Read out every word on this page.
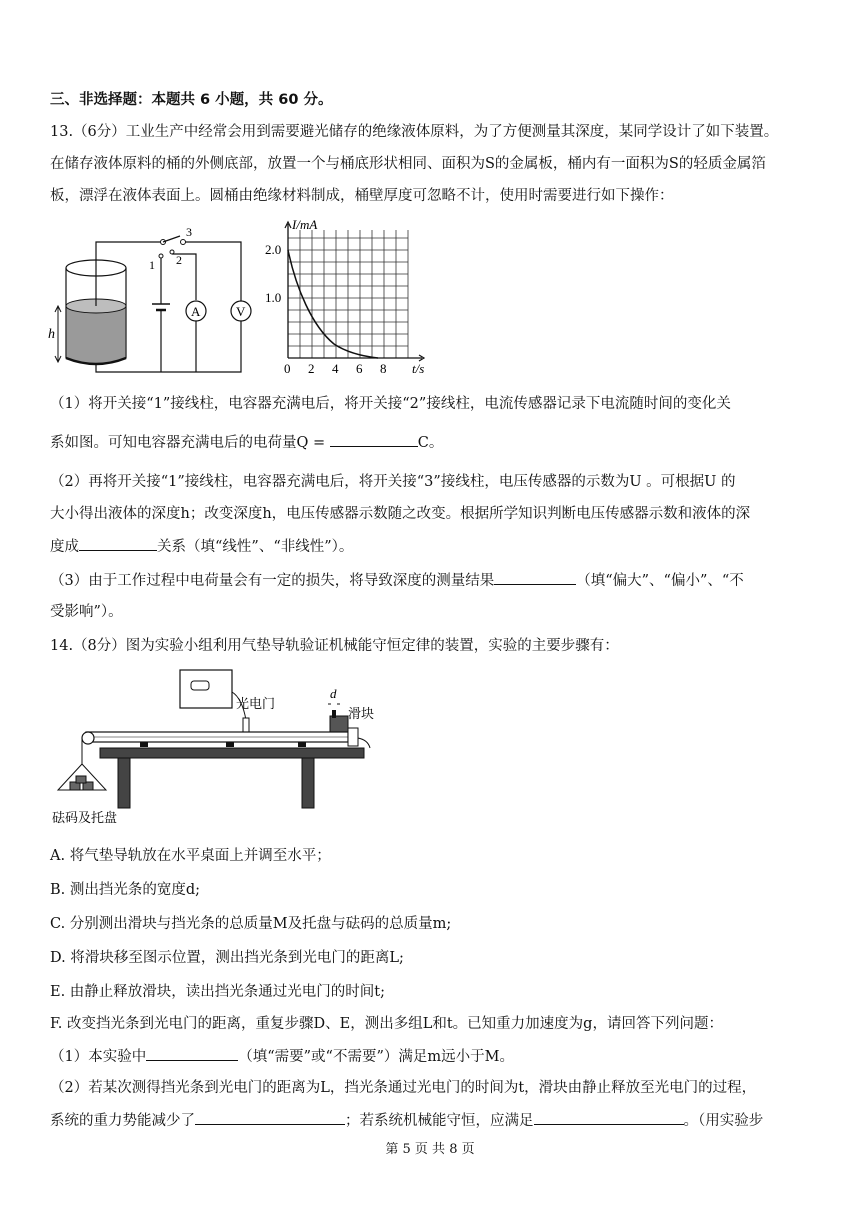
三、非选择题：本题共 6 小题，共 60 分。
13.（6分）工业生产中经常会用到需要避光储存的绝缘液体原料，为了方便测量其深度，某同学设计了如下装置。
在储存液体原料的桶的外侧底部，放置一个与桶底形状相同、面积为S的金属板，桶内有一面积为S的轻质金属箔
板，漂浮在液体表面上。圆桶由绝缘材料制成，桶壁厚度可忽略不计，使用时需要进行如下操作：
h
3
1 2
A	V
I/mA
t/s
2.0
1.0
0 2 4 6 8
（1）将开关接“1”接线柱，电容器充满电后，将开关接“2”接线柱，电流传感器记录下电流随时间的变化关
系如图。可知电容器充满电后的电荷量Q =	C。
（2）再将开关接“1”接线柱，电容器充满电后，将开关接“3”接线柱，电压传感器的示数为U 。可根据U 的
大小得出液体的深度h；改变深度h，电压传感器示数随之改变。根据所学知识判断电压传感器示数和液体的深
度成	关系（填“线性”、“非线性”）。
（3）由于工作过程中电荷量会有一定的损失，将导致深度的测量结果	（填“偏大”、“偏小”、“不
受影响”）。
14.（8分）图为实验小组利用气垫导轨验证机械能守恒定律的装置，实验的主要步骤有：
光电门
d
滑块
砝码及托盘
A. 将气垫导轨放在水平桌面上并调至水平；
B. 测出挡光条的宽度d;
C. 分别测出滑块与挡光条的总质量M及托盘与砝码的总质量m;
D. 将滑块移至图示位置，测出挡光条到光电门的距离L;
E. 由静止释放滑块，读出挡光条通过光电门的时间t;
F. 改变挡光条到光电门的距离，重复步骤D、E，测出多组L和t。已知重力加速度为g，请回答下列问题：
（1）本实验中	（填“需要”或“不需要”）满足m远小于M。
（2）若某次测得挡光条到光电门的距离为L，挡光条通过光电门的时间为t，滑块由静止释放至光电门的过程，
系统的重力势能减少了	；若系统机械能守恒，应满足	。（用实验步
第 5 页 共 8 页
